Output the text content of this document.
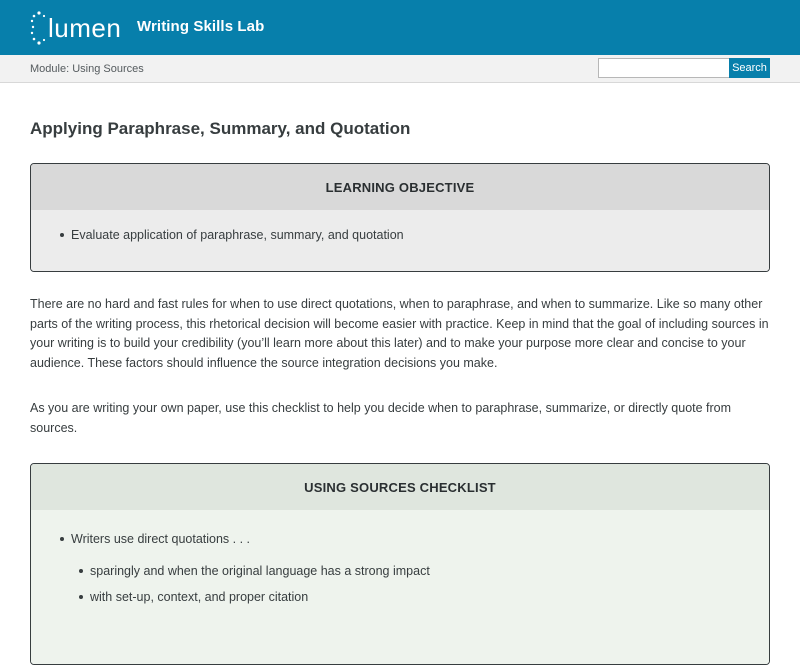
lumen Writing Skills Lab
Module: Using Sources	Search
Applying Paraphrase, Summary, and Quotation
LEARNING OBJECTIVE
Evaluate application of paraphrase, summary, and quotation

There are no hard and fast rules for when to use direct quotations, when to paraphrase, and when to summarize. Like so many other parts of the writing process, this rhetorical decision will become easier with practice. Keep in mind that the goal of including sources in your writing is to build your credibility (you’ll learn more about this later) and to make your purpose more clear and concise to your audience. These factors should influence the source integration decisions you make.

As you are writing your own paper, use this checklist to help you decide when to paraphrase, summarize, or directly quote from sources.

USING SOURCES CHECKLIST
Writers use direct quotations . . .
sparingly and when the original language has a strong impact
with set-up, context, and proper citation
